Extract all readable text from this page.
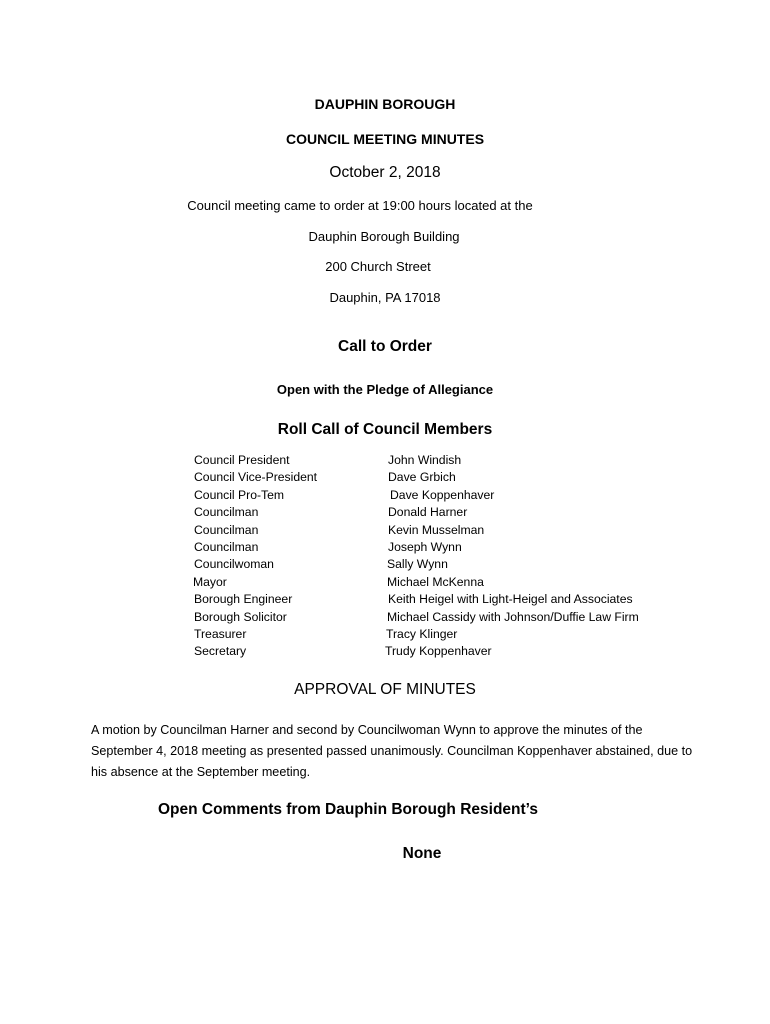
DAUPHIN BOROUGH
COUNCIL MEETING MINUTES
October 2, 2018
Council meeting came to order at 19:00 hours located at the
Dauphin Borough Building
200 Church Street
Dauphin, PA 17018
Call to Order
Open with the Pledge of Allegiance
Roll Call of Council Members
Council President	John Windish
Council Vice-President	Dave Grbich
Council Pro-Tem	Dave Koppenhaver
Councilman	Donald Harner
Councilman	Kevin Musselman
Councilman	Joseph Wynn
Councilwoman	Sally Wynn
Mayor	Michael McKenna
Borough Engineer	Keith Heigel with Light-Heigel and Associates
Borough Solicitor	Michael Cassidy with Johnson/Duffie Law Firm
Treasurer	Tracy Klinger
Secretary	Trudy Koppenhaver
APPROVAL OF MINUTES
A motion by Councilman Harner and second by Councilwoman Wynn to approve the minutes of the
September 4, 2018 meeting as presented passed unanimously. Councilman Koppenhaver abstained, due to
his absence at the September meeting.
Open Comments from Dauphin Borough Resident’s
None
